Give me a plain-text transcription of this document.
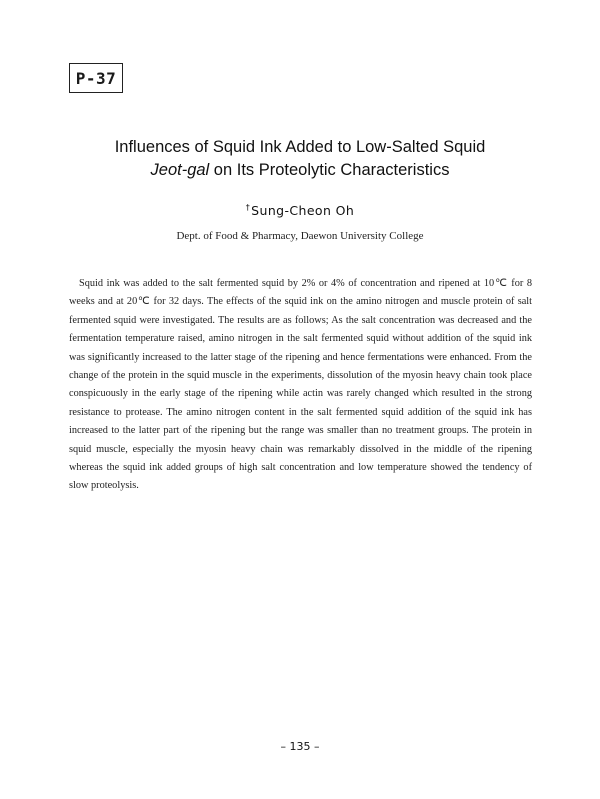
P-37
Influences of Squid Ink Added to Low-Salted Squid
Jeot-gal on Its Proteolytic Characteristics
†Sung-Cheon Oh
Dept. of Food & Pharmacy, Daewon University College

Squid ink was added to the salt fermented squid by 2% or 4% of concentration and ripened at 10℃ for 8 weeks and at 20℃ for 32 days. The effects of the squid ink on the amino nitrogen and muscle protein of salt fermented squid were investigated. The results are as follows; As the salt concentration was decreased and the fermentation temperature raised, amino nitrogen in the salt fermented squid without addition of the squid ink was significantly increased to the latter stage of the ripening and hence fermentations were enhanced. From the change of the protein in the squid muscle in the experiments, dissolution of the myosin heavy chain took place conspicuously in the early stage of the ripening while actin was rarely changed which resulted in the strong resistance to protease. The amino nitrogen content in the salt fermented squid addition of the squid ink has increased to the latter part of the ripening but the range was smaller than no treatment groups. The protein in squid muscle, especially the myosin heavy chain was remarkably dissolved in the middle of the ripening whereas the squid ink added groups of high salt concentration and low temperature showed the tendency of slow proteolysis.

– 135 –
